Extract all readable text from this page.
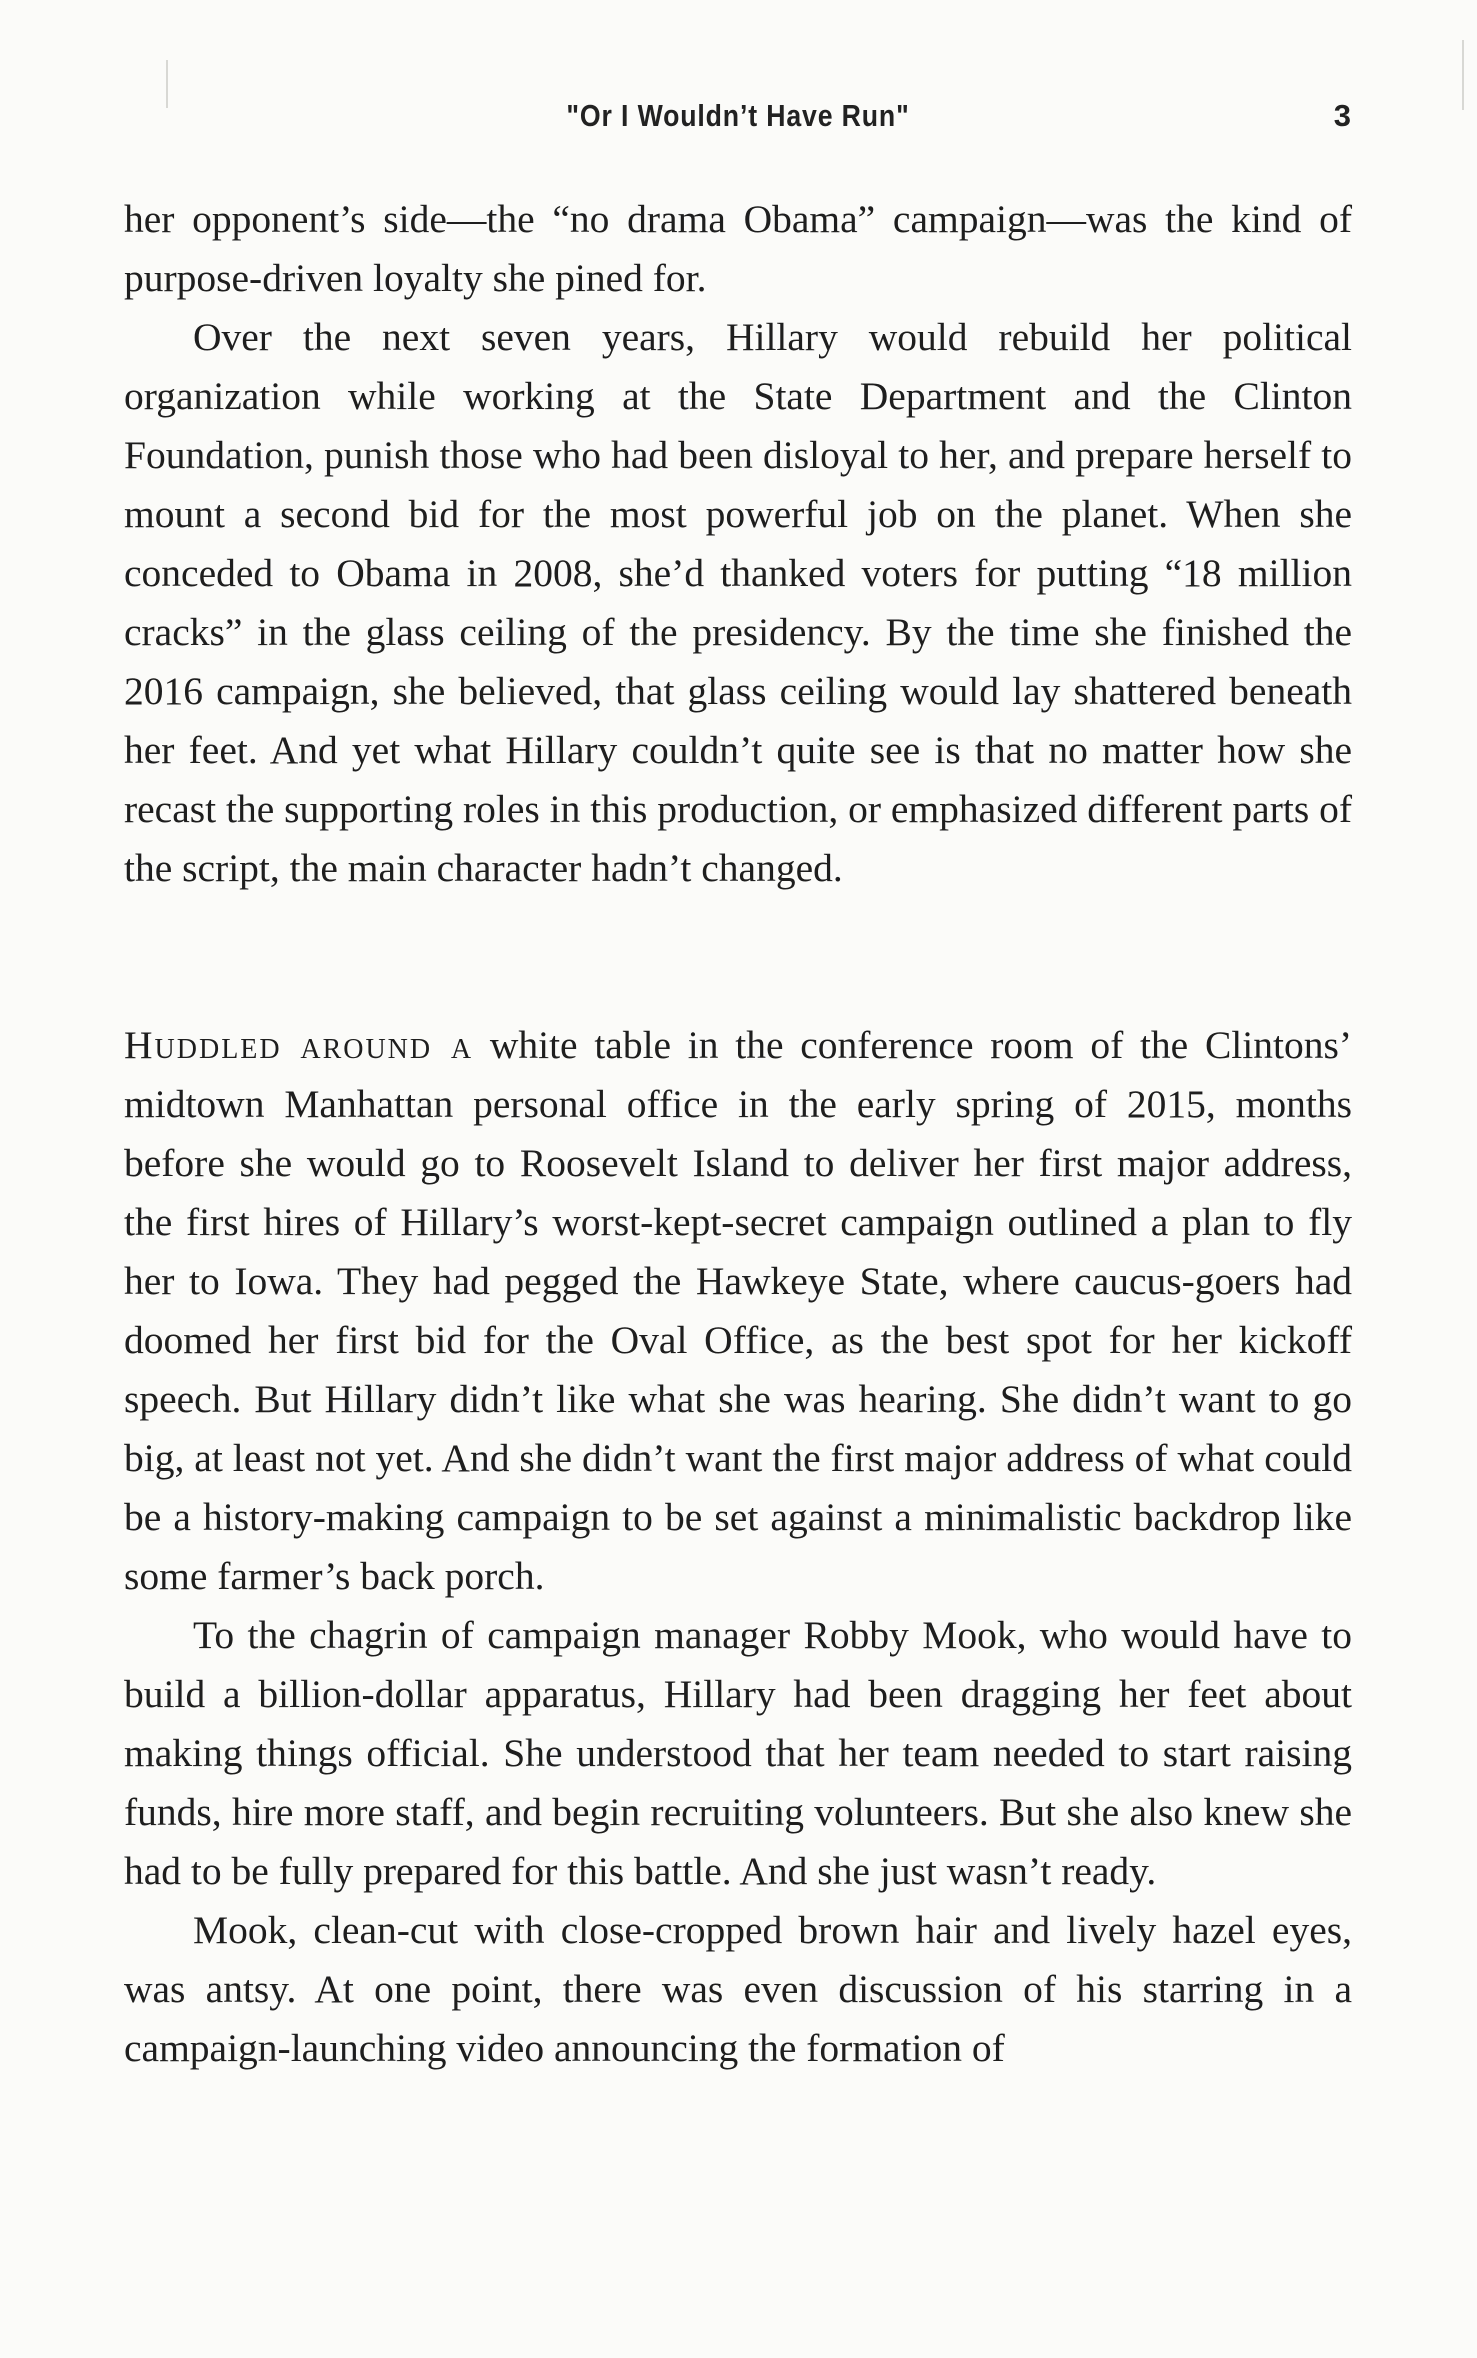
"Or I Wouldn’t Have Run"	3

her opponent’s side—the “no drama Obama” campaign—was the kind of purpose-driven loyalty she pined for.

Over the next seven years, Hillary would rebuild her political organization while working at the State Department and the Clinton Foundation, punish those who had been disloyal to her, and prepare herself to mount a second bid for the most powerful job on the planet. When she conceded to Obama in 2008, she’d thanked voters for putting “18 million cracks” in the glass ceiling of the presidency. By the time she finished the 2016 campaign, she believed, that glass ceiling would lay shattered beneath her feet. And yet what Hillary couldn’t quite see is that no matter how she recast the supporting roles in this production, or emphasized different parts of the script, the main character hadn’t changed.

Huddled around a white table in the conference room of the Clintons’ midtown Manhattan personal office in the early spring of 2015, months before she would go to Roosevelt Island to deliver her first major address, the first hires of Hillary’s worst-kept-secret campaign outlined a plan to fly her to Iowa. They had pegged the Hawkeye State, where caucus-goers had doomed her first bid for the Oval Office, as the best spot for her kickoff speech. But Hillary didn’t like what she was hearing. She didn’t want to go big, at least not yet. And she didn’t want the first major address of what could be a history-making campaign to be set against a minimalistic backdrop like some farmer’s back porch.

To the chagrin of campaign manager Robby Mook, who would have to build a billion-dollar apparatus, Hillary had been dragging her feet about making things official. She understood that her team needed to start raising funds, hire more staff, and begin recruiting volunteers. But she also knew she had to be fully prepared for this battle. And she just wasn’t ready.

Mook, clean-cut with close-cropped brown hair and lively hazel eyes, was antsy. At one point, there was even discussion of his starring in a campaign-launching video announcing the formation of
